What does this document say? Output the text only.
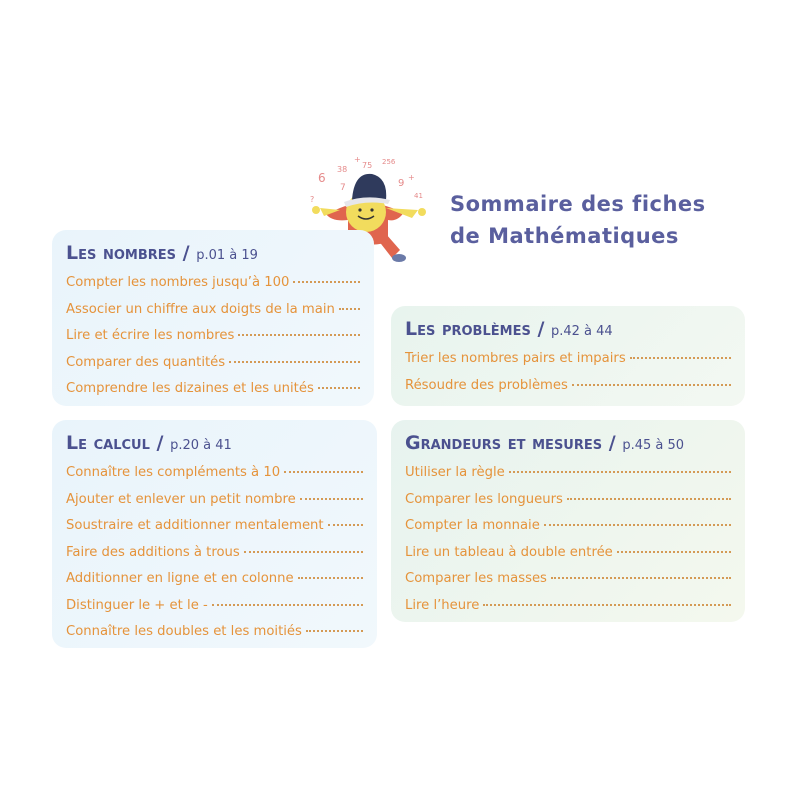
6
38 75 256
7	9
41
?
+
+
Sommaire des fiches
de Mathématiques
Les nombres / p.01 à 19
Compter les nombres jusqu’à 100
Associer un chiffre aux doigts de la main
Lire et écrire les nombres
Comparer des quantités
Comprendre les dizaines et les unités
Le calcul / p.20 à 41
Connaître les compléments à 10
Ajouter et enlever un petit nombre
Soustraire et additionner mentalement
Faire des additions à trous
Additionner en ligne et en colonne
Distinguer le + et le -
Connaître les doubles et les moitiés
Les problèmes / p.42 à 44
Trier les nombres pairs et impairs
Résoudre des problèmes
Grandeurs et mesures / p.45 à 50
Utiliser la règle
Comparer les longueurs
Compter la monnaie
Lire un tableau à double entrée
Comparer les masses
Lire l’heure
